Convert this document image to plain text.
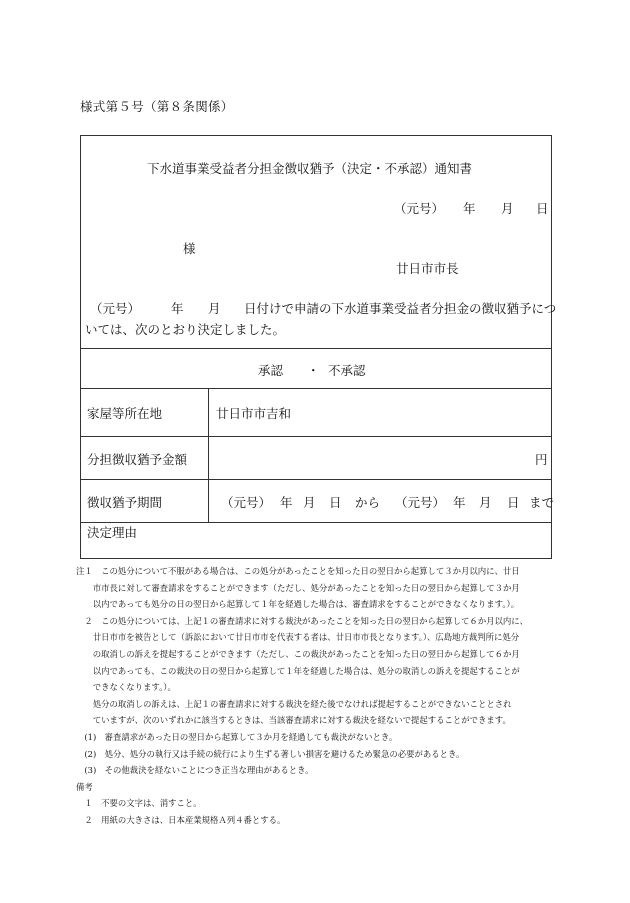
様式第５号（第８条関係）
下水道事業受益者分担金徴収猶予（決定・不承認）通知書
（元号） 年 月 日
様
廿日市市長
（元号） 年 月 日付けで申請の下水道事業受益者分担金の徴収猶予につ
いては、次のとおり決定しました。
承認 ・ 不承認
家屋等所在地	廿日市市吉和
分担徴収猶予金額	円
徴収猶予期間	（元号） 年 月 日 から （元号） 年 月 日 まで
決定理由
注１　この処分について不服がある場合は、この処分があったことを知った日の翌日から起算して３か月以内に、廿日
　　市市長に対して審査請求をすることができます（ただし、処分があったことを知った日の翌日から起算して３か月
　　以内であっても処分の日の翌日から起算して１年を経過した場合は、審査請求をすることができなくなります。）。
　２　この処分については、上記１の審査請求に対する裁決があったことを知った日の翌日から起算して６か月以内に、
　　廿日市市を被告として（訴訟において廿日市市を代表する者は、廿日市市長となります。）、広島地方裁判所に処分
　　の取消しの訴えを提起することができます（ただし、この裁決があったことを知った日の翌日から起算して６か月
　　以内であっても、この裁決の日の翌日から起算して１年を経過した場合は、処分の取消しの訴えを提起することが
　　できなくなります。）。
　　処分の取消しの訴えは、上記１の審査請求に対する裁決を経た後でなければ提起することができないこととされ
　　ていますが、次のいずれかに該当するときは、当該審査請求に対する裁決を経ないで提起することができます。
　(1)　審査請求があった日の翌日から起算して３か月を経過しても裁決がないとき。
　(2)　処分、処分の執行又は手続の続行により生ずる著しい損害を避けるため緊急の必要があるとき。
　(3)　その他裁決を経ないことにつき正当な理由があるとき。
備考
　１　不要の文字は、消すこと。
　２　用紙の大きさは、日本産業規格Ａ列４番とする。
